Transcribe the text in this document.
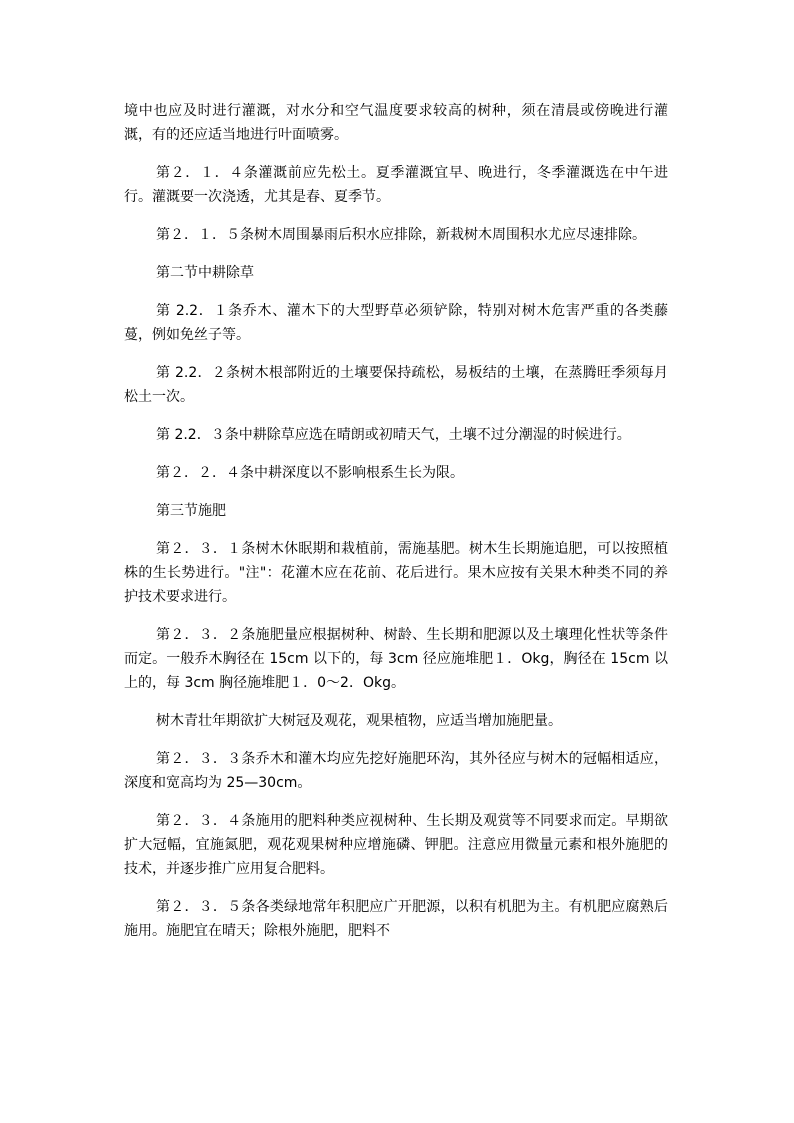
境中也应及时进行灌溉，对水分和空气温度要求较高的树种，须在清晨或傍晚进行灌溉，有的还应适当地进行叶面喷雾。

第２．１．４条灌溉前应先松土。夏季灌溉宜早、晚进行，冬季灌溉选在中午进行。灌溉要一次浇透，尤其是春、夏季节。

第２．１．５条树木周围暴雨后积水应排除，新栽树木周围积水尤应尽速排除。

第二节中耕除草

第 2.2．１条乔木、灌木下的大型野草必须铲除，特别对树木危害严重的各类藤蔓，例如免丝子等。

第 2.2．２条树木根部附近的土壤要保持疏松，易板结的土壤，在蒸腾旺季须每月松土一次。

第 2.2．３条中耕除草应选在晴朗或初晴天气，土壤不过分潮湿的时候进行。

第２．２．４条中耕深度以不影响根系生长为限。

第三节施肥

第２．３．１条树木休眠期和栽植前，需施基肥。树木生长期施追肥，可以按照植株的生长势进行。"注"：花灌木应在花前、花后进行。果木应按有关果木种类不同的养护技术要求进行。

第２．３．２条施肥量应根据树种、树龄、生长期和肥源以及土壤理化性状等条件而定。一般乔木胸径在 15cm 以下的，每 3cm 径应施堆肥１．Okg，胸径在 15cm 以上的，每 3cm 胸径施堆肥１．0～2．Okg。

树木青壮年期欲扩大树冠及观花，观果植物，应适当增加施肥量。

第２．３．３条乔木和灌木均应先挖好施肥环沟，其外径应与树木的冠幅相适应，深度和宽高均为 25—30cm。

第２．３．４条施用的肥料种类应视树种、生长期及观赏等不同要求而定。早期欲扩大冠幅，宜施氮肥，观花观果树种应增施磷、钾肥。注意应用微量元素和根外施肥的技术，并逐步推广应用复合肥料。

第２．３．５条各类绿地常年积肥应广开肥源，以积有机肥为主。有机肥应腐熟后施用。施肥宜在晴天；除根外施肥，肥料不
